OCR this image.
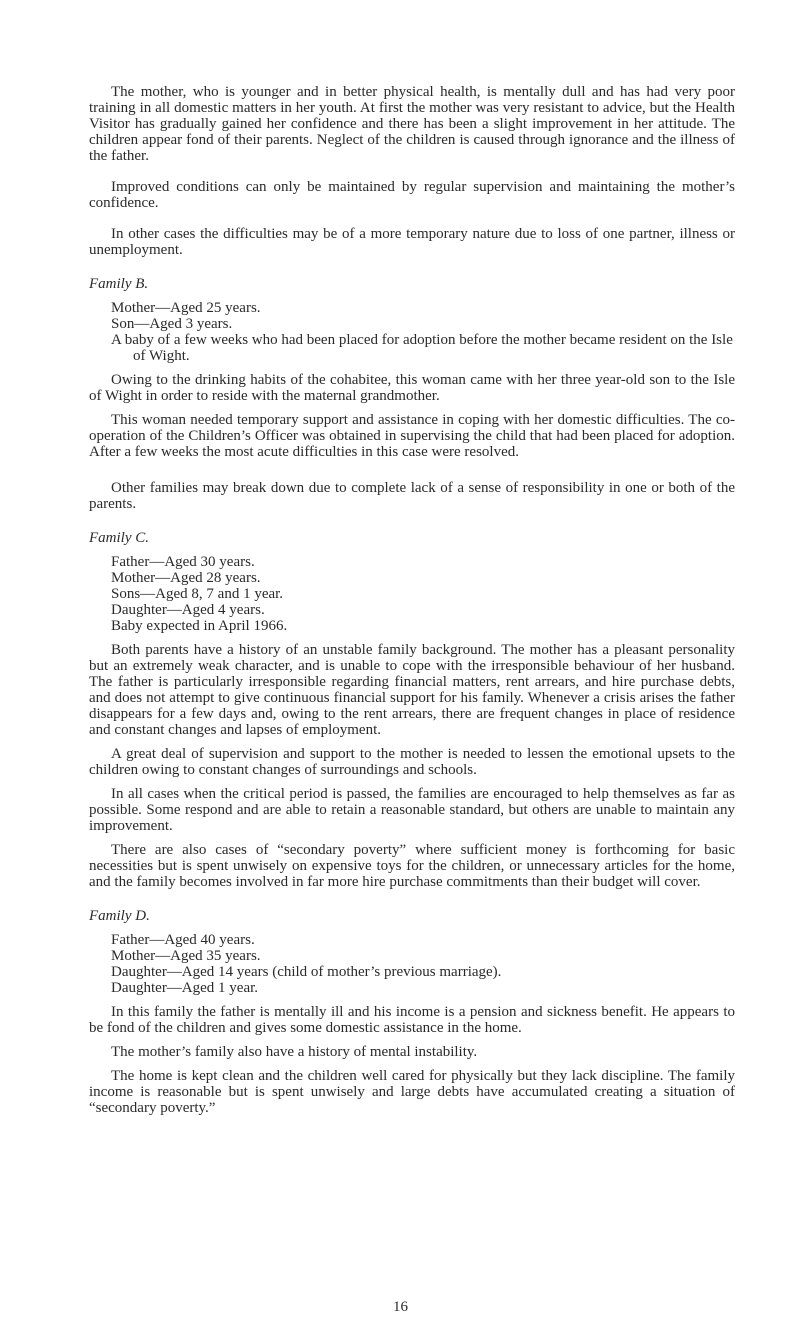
The mother, who is younger and in better physical health, is mentally dull and has had very poor training in all domestic matters in her youth. At first the mother was very resistant to advice, but the Health Visitor has gradually gained her confidence and there has been a slight improvement in her attitude. The children appear fond of their parents. Neglect of the children is caused through ignorance and the illness of the father.

Improved conditions can only be maintained by regular supervision and maintaining the mother’s confidence.

In other cases the difficulties may be of a more temporary nature due to loss of one partner, illness or unemployment.

Family B.

Mother—Aged 25 years.
Son—Aged 3 years.
A baby of a few weeks who had been placed for adoption before the mother became resident on the Isle of Wight.

Owing to the drinking habits of the cohabitee, this woman came with her three year-old son to the Isle of Wight in order to reside with the maternal grandmother.

This woman needed temporary support and assistance in coping with her domestic difficulties. The co-operation of the Children’s Officer was obtained in supervising the child that had been placed for adoption. After a few weeks the most acute difficulties in this case were resolved.

Other families may break down due to complete lack of a sense of responsibility in one or both of the parents.

Family C.

Father—Aged 30 years.
Mother—Aged 28 years.
Sons—Aged 8, 7 and 1 year.
Daughter—Aged 4 years.
Baby expected in April 1966.

Both parents have a history of an unstable family background. The mother has a pleasant personality but an extremely weak character, and is unable to cope with the irresponsible behaviour of her husband. The father is particularly irresponsible regarding financial matters, rent arrears, and hire purchase debts, and does not attempt to give continuous financial support for his family. Whenever a crisis arises the father disappears for a few days and, owing to the rent arrears, there are frequent changes in place of residence and constant changes and lapses of employment.

A great deal of supervision and support to the mother is needed to lessen the emotional upsets to the children owing to constant changes of surroundings and schools.

In all cases when the critical period is passed, the families are encouraged to help themselves as far as possible. Some respond and are able to retain a reasonable standard, but others are unable to maintain any improvement.

There are also cases of “secondary poverty” where sufficient money is forthcoming for basic necessities but is spent unwisely on expensive toys for the children, or unnecessary articles for the home, and the family becomes involved in far more hire purchase commitments than their budget will cover.

Family D.

Father—Aged 40 years.
Mother—Aged 35 years.
Daughter—Aged 14 years (child of mother’s previous marriage).
Daughter—Aged 1 year.

In this family the father is mentally ill and his income is a pension and sickness benefit. He appears to be fond of the children and gives some domestic assistance in the home.

The mother’s family also have a history of mental instability.

The home is kept clean and the children well cared for physically but they lack discipline. The family income is reasonable but is spent unwisely and large debts have accumulated creating a situation of “secondary poverty.”

16
